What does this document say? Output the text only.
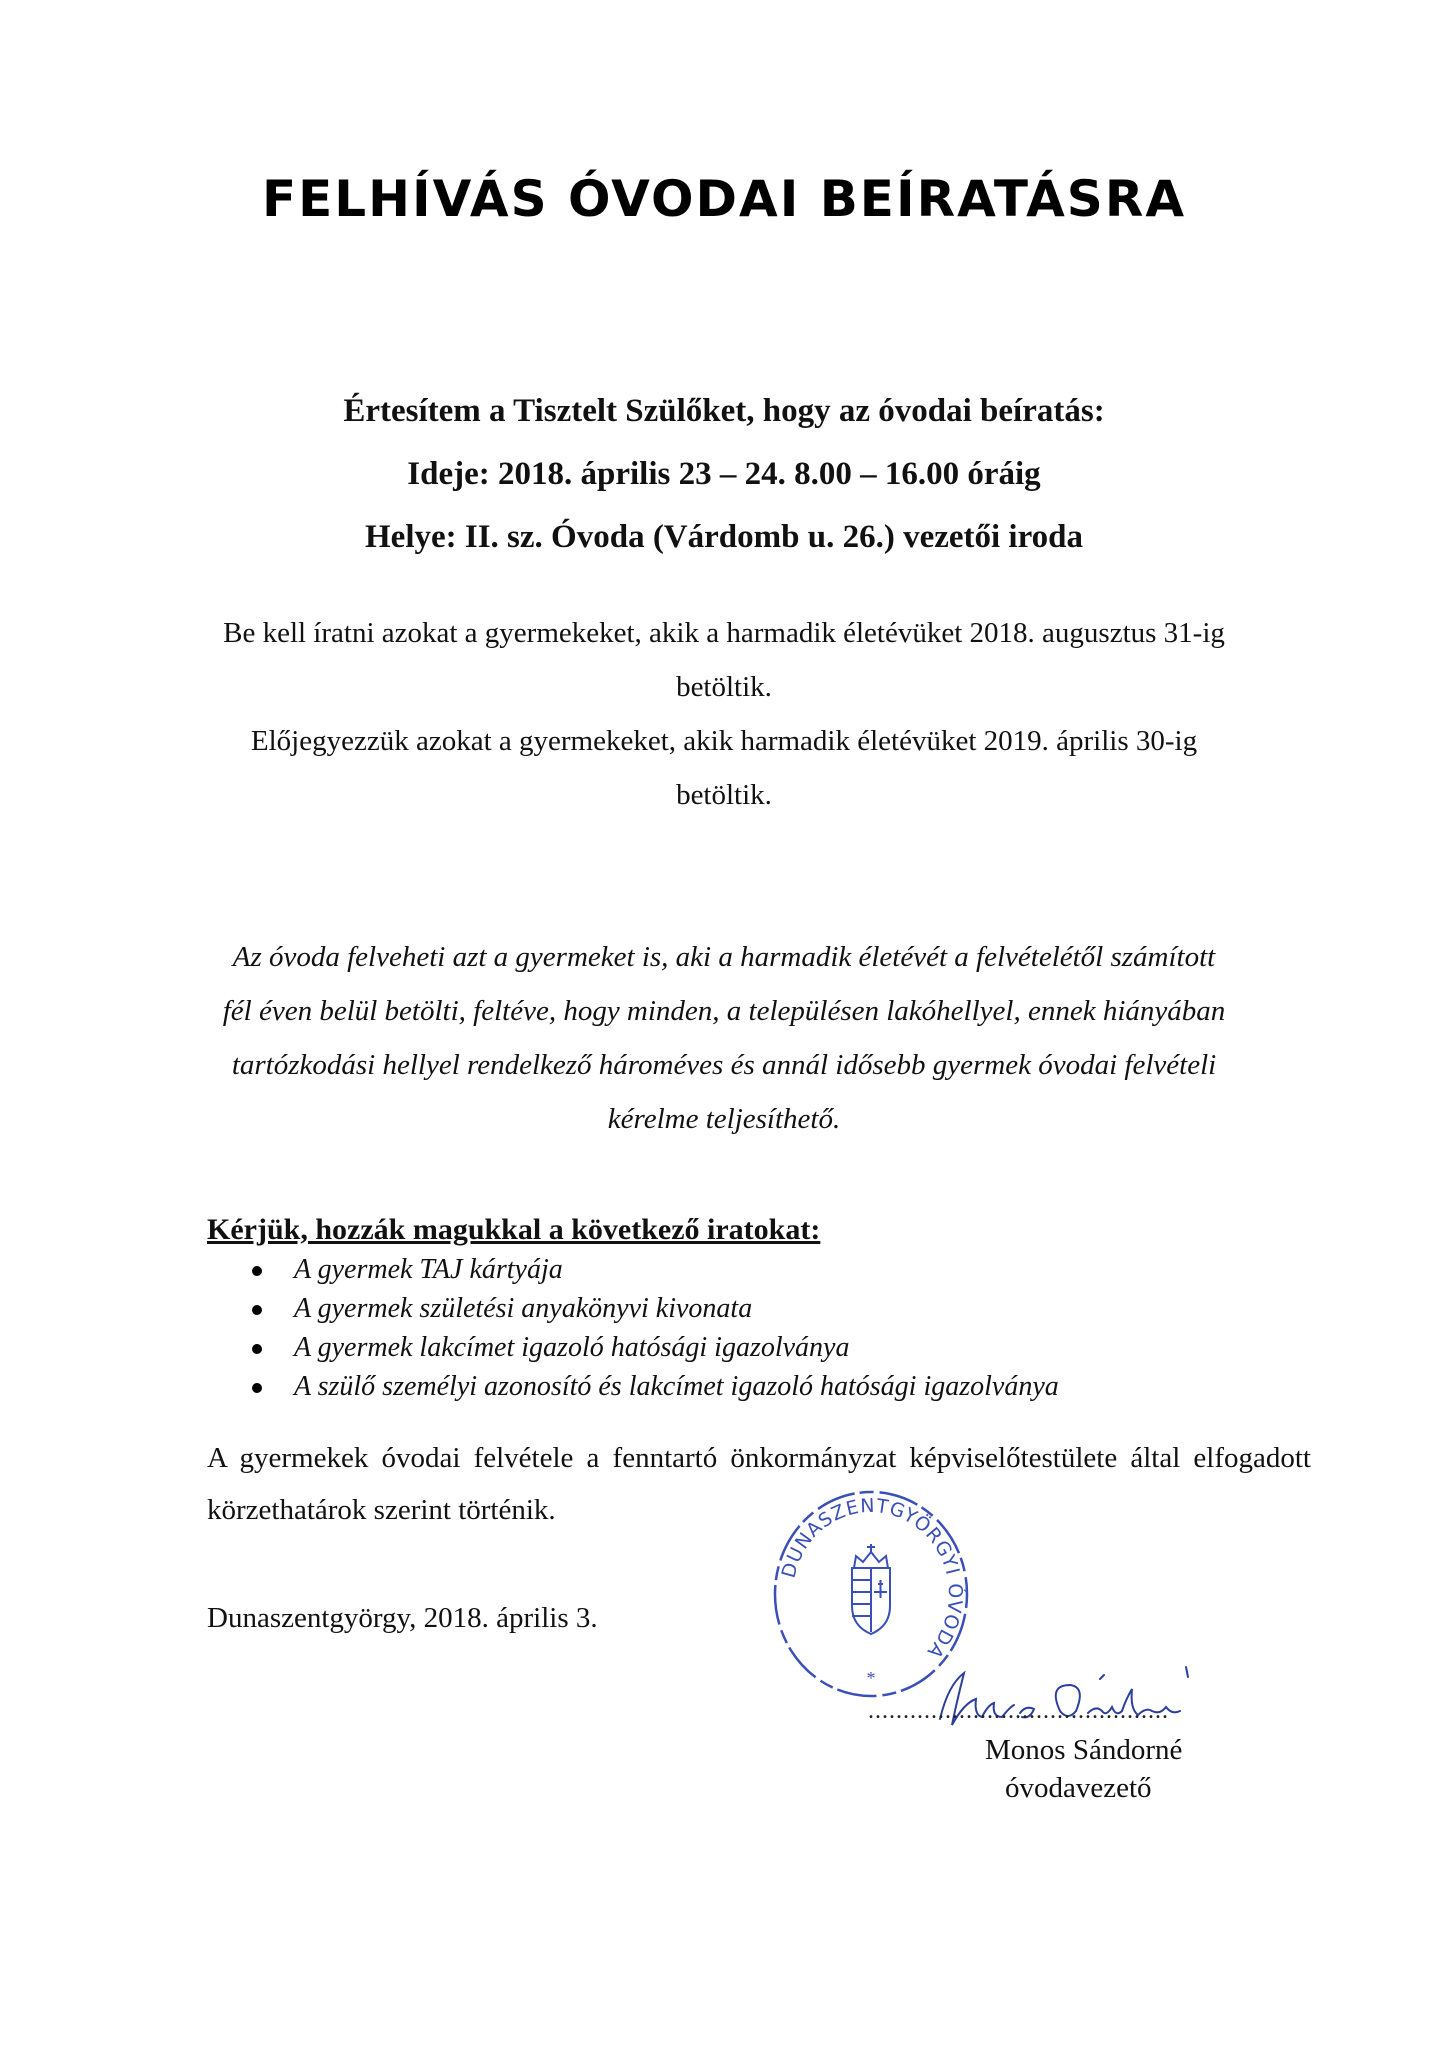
FELHÍVÁS ÓVODAI BEÍRATÁSRA
Értesítem a Tisztelt Szülőket, hogy az óvodai beíratás:
Ideje: 2018. április 23 – 24. 8.00 – 16.00 óráig
Helye: II. sz. Óvoda (Várdomb u. 26.) vezetői iroda
Be kell íratni azokat a gyermekeket, akik a harmadik életévüket 2018. augusztus 31-ig
betöltik.
Előjegyezzük azokat a gyermekeket, akik harmadik életévüket 2019. április 30-ig
betöltik.
Az óvoda felveheti azt a gyermeket is, aki a harmadik életévét a felvételétől számított
fél éven belül betölti, feltéve, hogy minden, a településen lakóhellyel, ennek hiányában
tartózkodási hellyel rendelkező hároméves és annál idősebb gyermek óvodai felvételi
kérelme teljesíthető.
Kérjük, hozzák magukkal a következő iratokat:
A gyermek TAJ kártyája
A gyermek születési anyakönyvi kivonata
A gyermek lakcímet igazoló hatósági igazolványa
A szülő személyi azonosító és lakcímet igazoló hatósági igazolványa
A gyermekek óvodai felvétele a fenntartó önkormányzat képviselőtestülete által elfogadott körzethatárok szerint történik.
Dunaszentgyörgy, 2018. április 3.
DUNASZENTGYÖRGYI ÓVODA
*
...........................................
Monos Sándorné
óvodavezető
